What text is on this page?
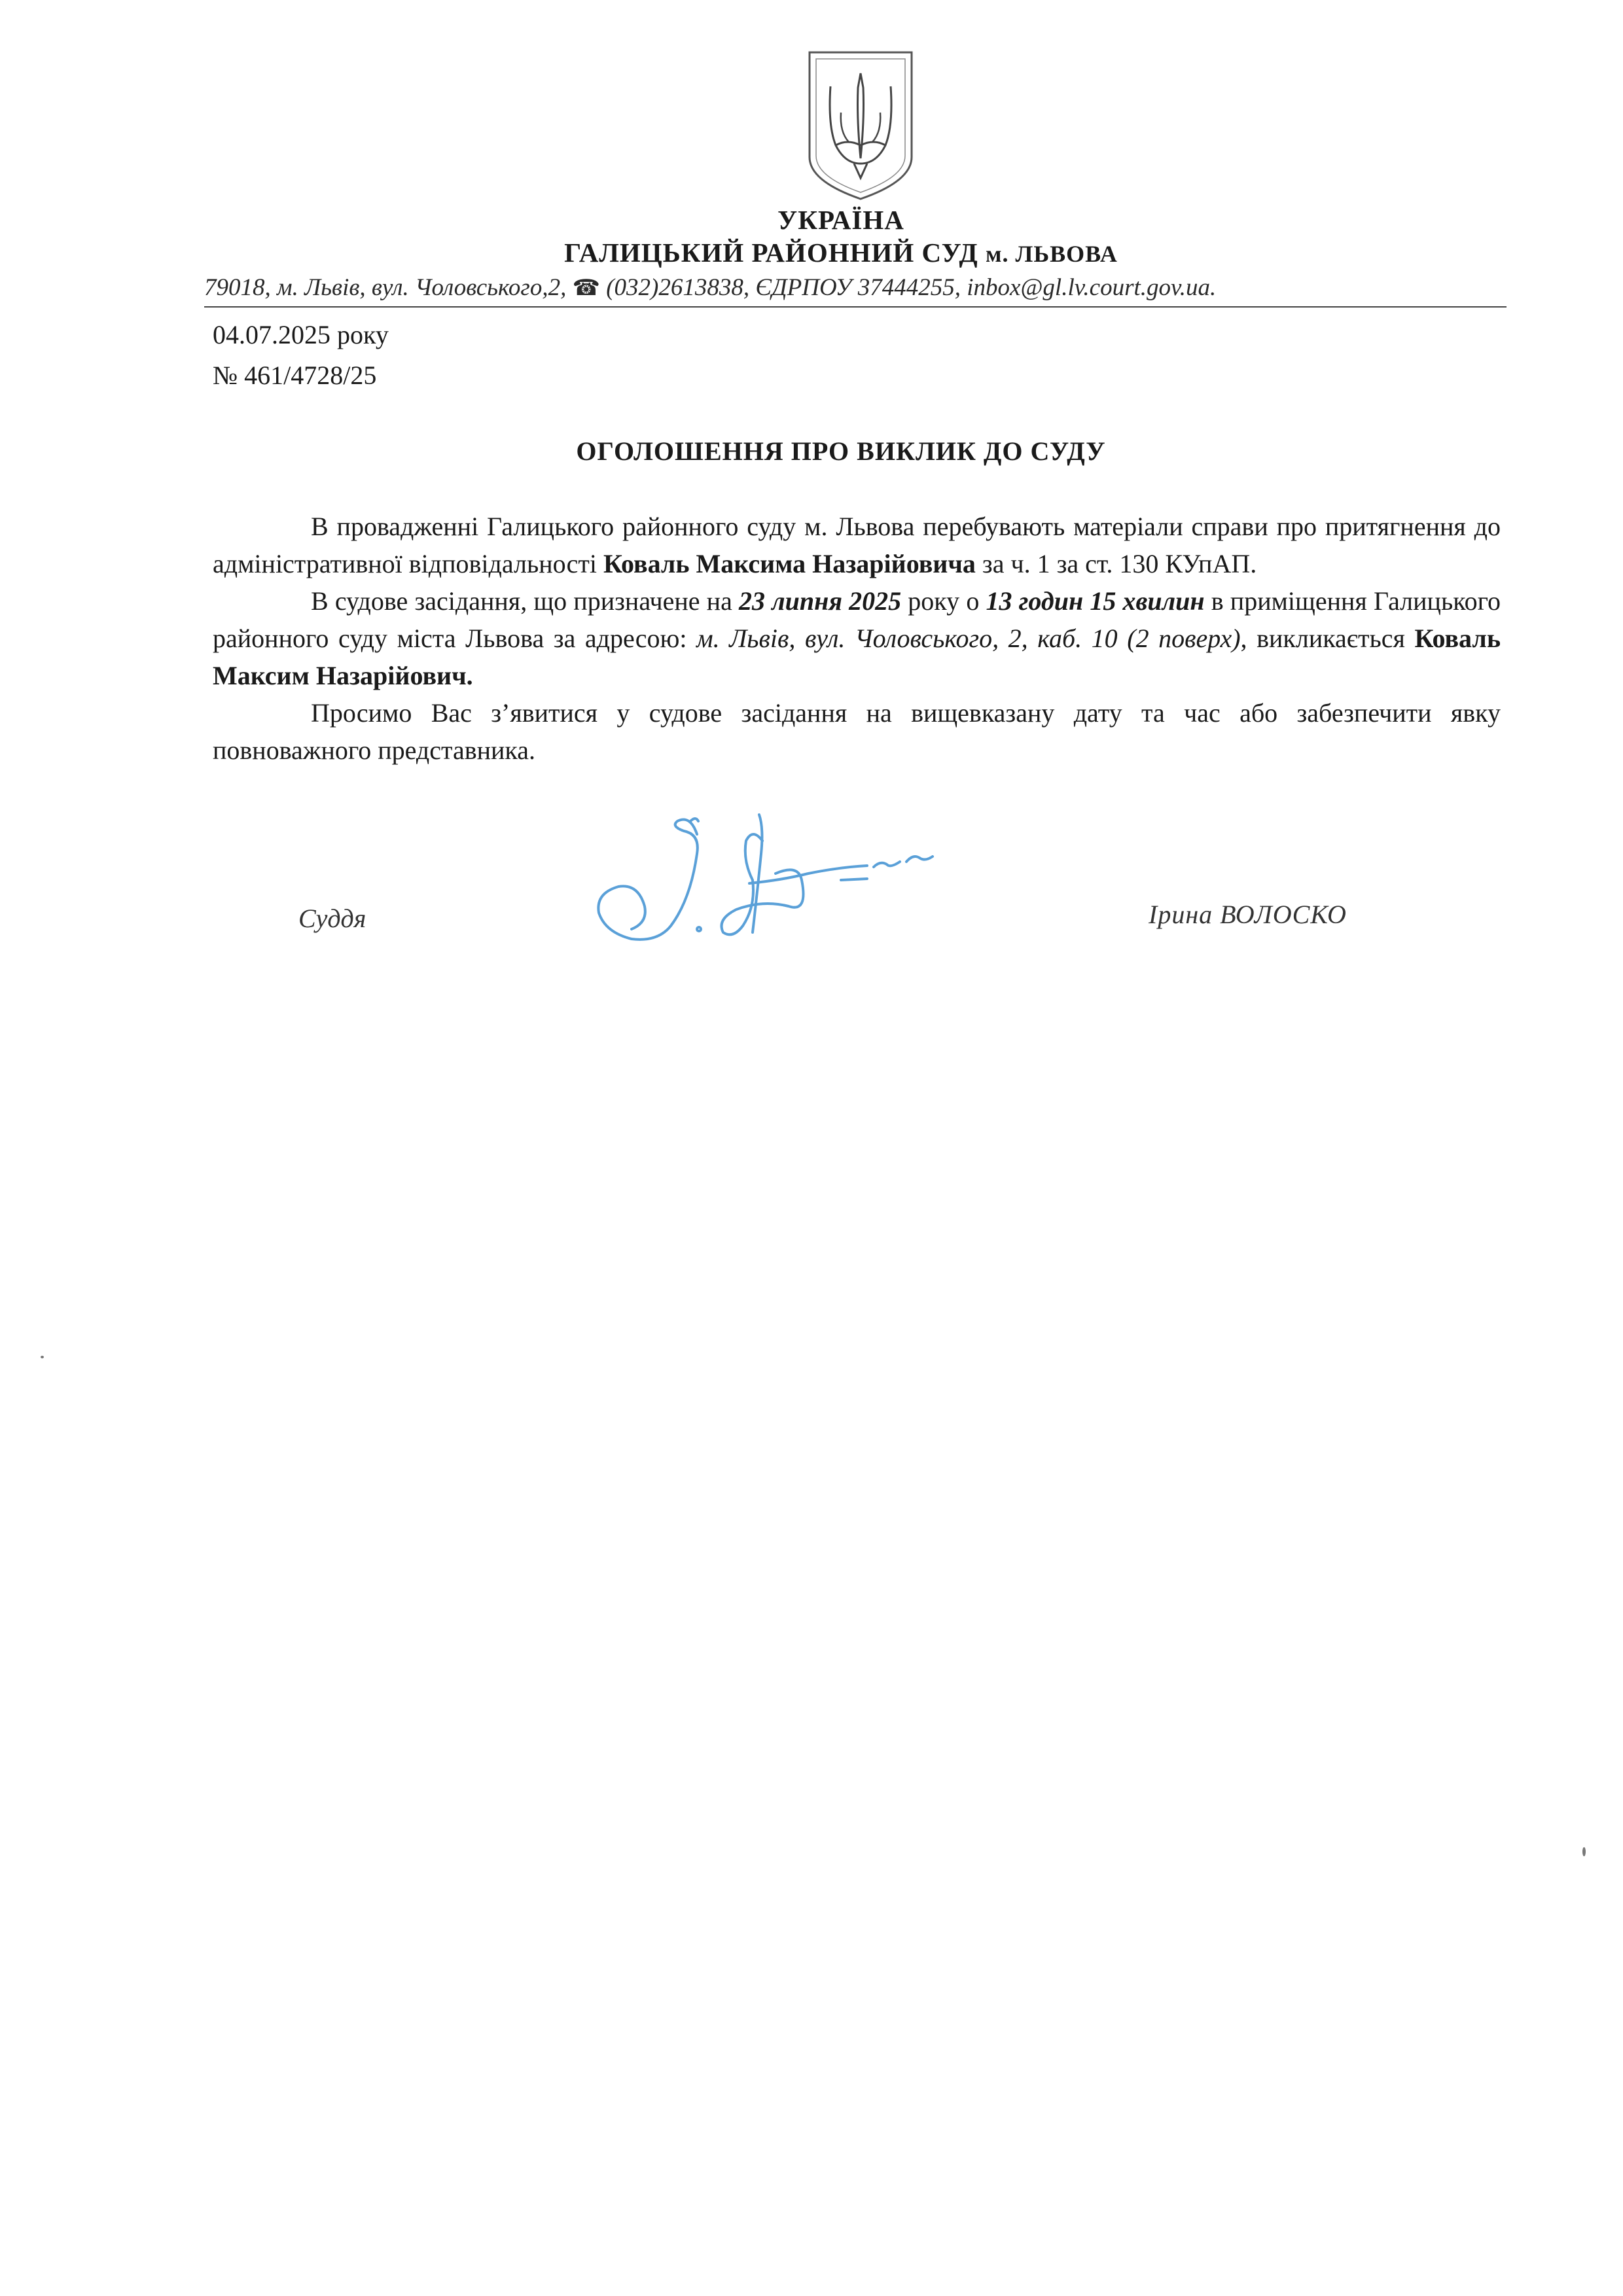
УКРАЇНА
ГАЛИЦЬКИЙ РАЙОННИЙ СУД м. ЛЬВОВА
79018, м. Львів, вул. Чоловського,2, ☎ (032)2613838, ЄДРПОУ 37444255, inbox@gl.lv.court.gov.ua.
04.07.2025 року
№ 461/4728/25
ОГОЛОШЕННЯ ПРО ВИКЛИК ДО СУДУ

В провадженні Галицького районного суду м. Львова перебувають матеріали справи про притягнення до адміністративної відповідальності Коваль Максима Назарійовича за ч. 1 за ст. 130 КУпАП.

В судове засідання, що призначене на 23 липня 2025 року о 13 годин 15 хвилин в приміщення Галицького районного суду міста Львова за адресою: м. Львів, вул. Чоловського, 2, каб. 10 (2 поверх), викликається Коваль Максим Назарійович.

Просимо Вас з’явитися у судове засідання на вищевказану дату та час або забезпечити явку повноважного представника.

Суддя	Ірина ВОЛОСКО
